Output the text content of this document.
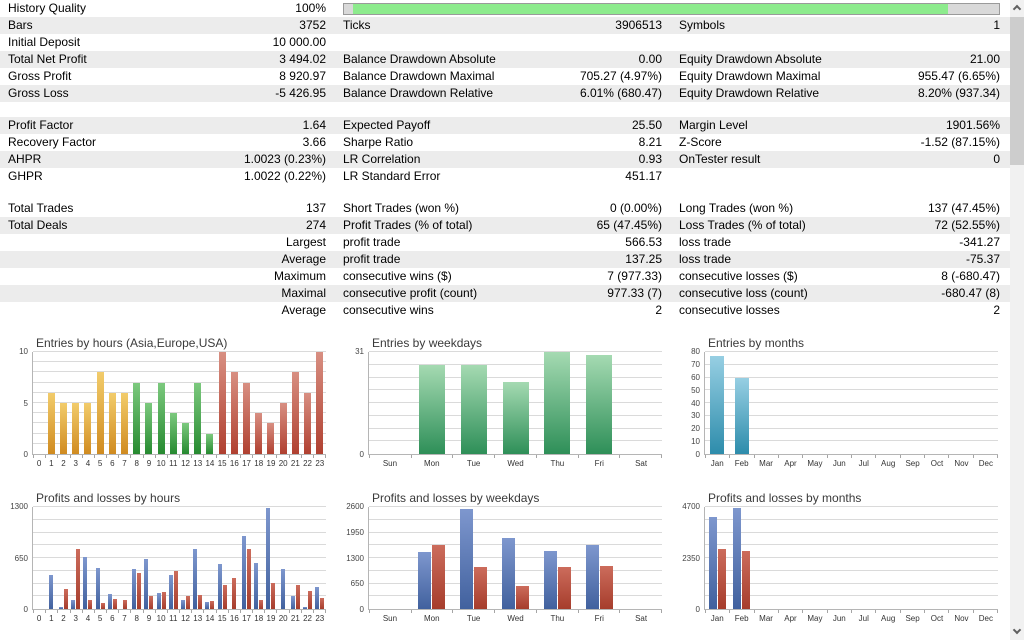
History Quality	100%
Bars	3752	Ticks	3906513	Symbols	1
Initial Deposit	10 000.00
Total Net Profit	3 494.02	Balance Drawdown Absolute	0.00	Equity Drawdown Absolute	21.00
Gross Profit	8 920.97	Balance Drawdown Maximal	705.27 (4.97%)	Equity Drawdown Maximal	955.47 (6.65%)
Gross Loss	-5 426.95	Balance Drawdown Relative	6.01% (680.47)	Equity Drawdown Relative	8.20% (937.34)
Profit Factor	1.64	Expected Payoff	25.50	Margin Level	1901.56%
Recovery Factor	3.66	Sharpe Ratio	8.21	Z-Score	-1.52 (87.15%)
AHPR	1.0023 (0.23%)	LR Correlation	0.93	OnTester result	0
GHPR	1.0022 (0.22%)	LR Standard Error	451.17
Total Trades	137	Short Trades (won %)	0 (0.00%)	Long Trades (won %)	137 (47.45%)
Total Deals	274	Profit Trades (% of total)	65 (47.45%)	Loss Trades (% of total)	72 (52.55%)
Largest	profit trade	566.53	loss trade	-341.27
Average	profit trade	137.25	loss trade	-75.37
Maximum	consecutive wins ($)	7 (977.33)	consecutive losses ($)	8 (-680.47)
Maximal	consecutive profit (count)	977.33 (7)	consecutive loss (count)	-680.47 (8)
Average	consecutive wins	2	consecutive losses	2
Entries by hours (Asia,Europe,USA)
0
5
10
0 1 2 3 4 5 6 7 8 9 10 11 12 13 14 15 16 17 18 19 20 21 22 23
Entries by weekdays
0
31
Sun	Mon	Tue	Wed	Thu	Fri	Sat
Entries by months
0
10
20
30
40
50
60
70
80
Jan	Feb	Mar	Apr	May	Jun	Jul	Aug	Sep	Oct	Nov	Dec
Profits and losses by hours
0
650
1300
0 1 2 3 4 5 6 7 8 9 10 11 12 13 14 15 16 17 18 19 20 21 22 23
Profits and losses by weekdays
0
650
1300
1950
2600
Sun	Mon	Tue	Wed	Thu	Fri	Sat
Profits and losses by months
0
2350
4700
Jan	Feb	Mar	Apr	May	Jun	Jul	Aug	Sep	Oct	Nov	Dec
